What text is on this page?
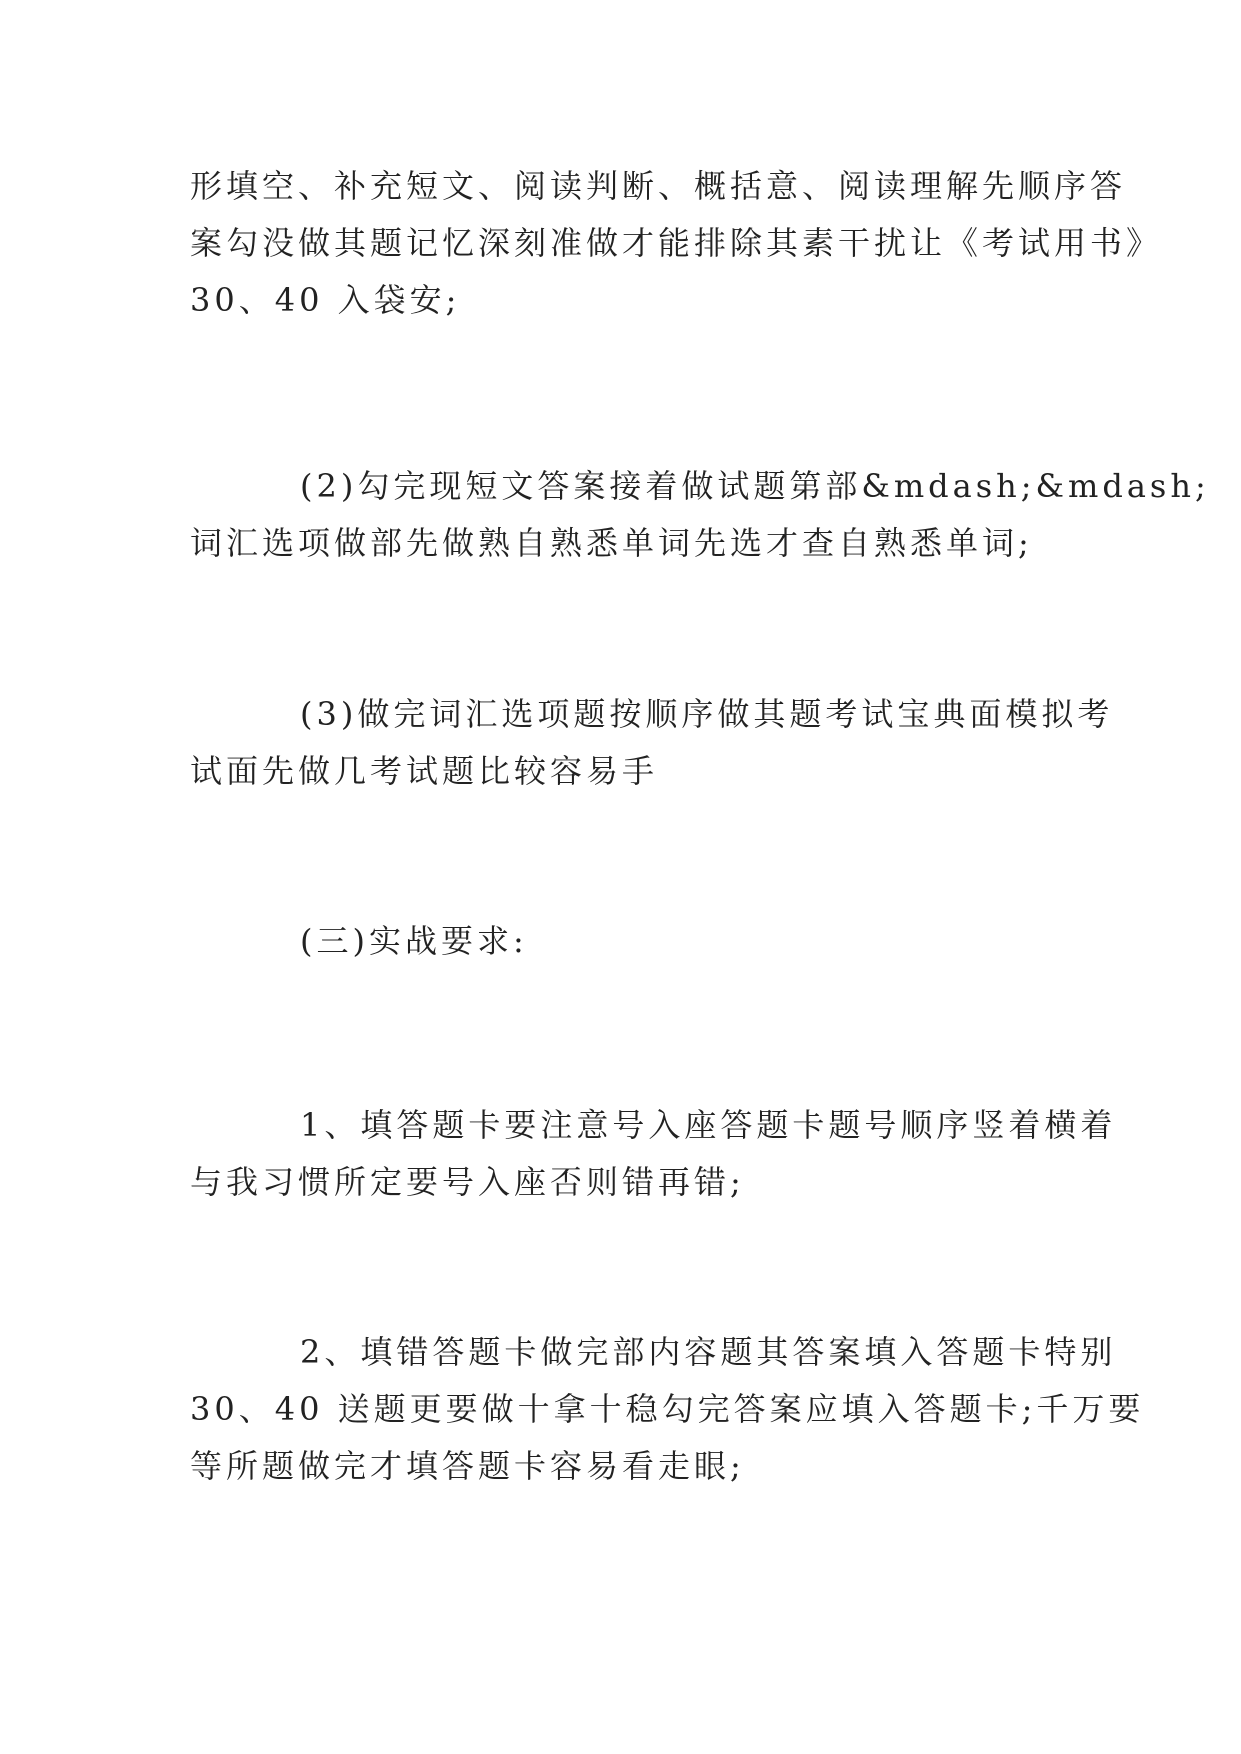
形填空、补充短文、阅读判断、概括意、阅读理解先顺序答
案勾没做其题记忆深刻准做才能排除其素干扰让《考试用书》
30、40 入袋安;
(2)勾完现短文答案接着做试题第部&mdash;&mdash;
词汇选项做部先做熟自熟悉单词先选才查自熟悉单词;
(3)做完词汇选项题按顺序做其题考试宝典面模拟考
试面先做几考试题比较容易手
(三)实战要求:
1、填答题卡要注意号入座答题卡题号顺序竖着横着
与我习惯所定要号入座否则错再错;
2、填错答题卡做完部内容题其答案填入答题卡特别
30、40 送题更要做十拿十稳勾完答案应填入答题卡;千万要
等所题做完才填答题卡容易看走眼;
